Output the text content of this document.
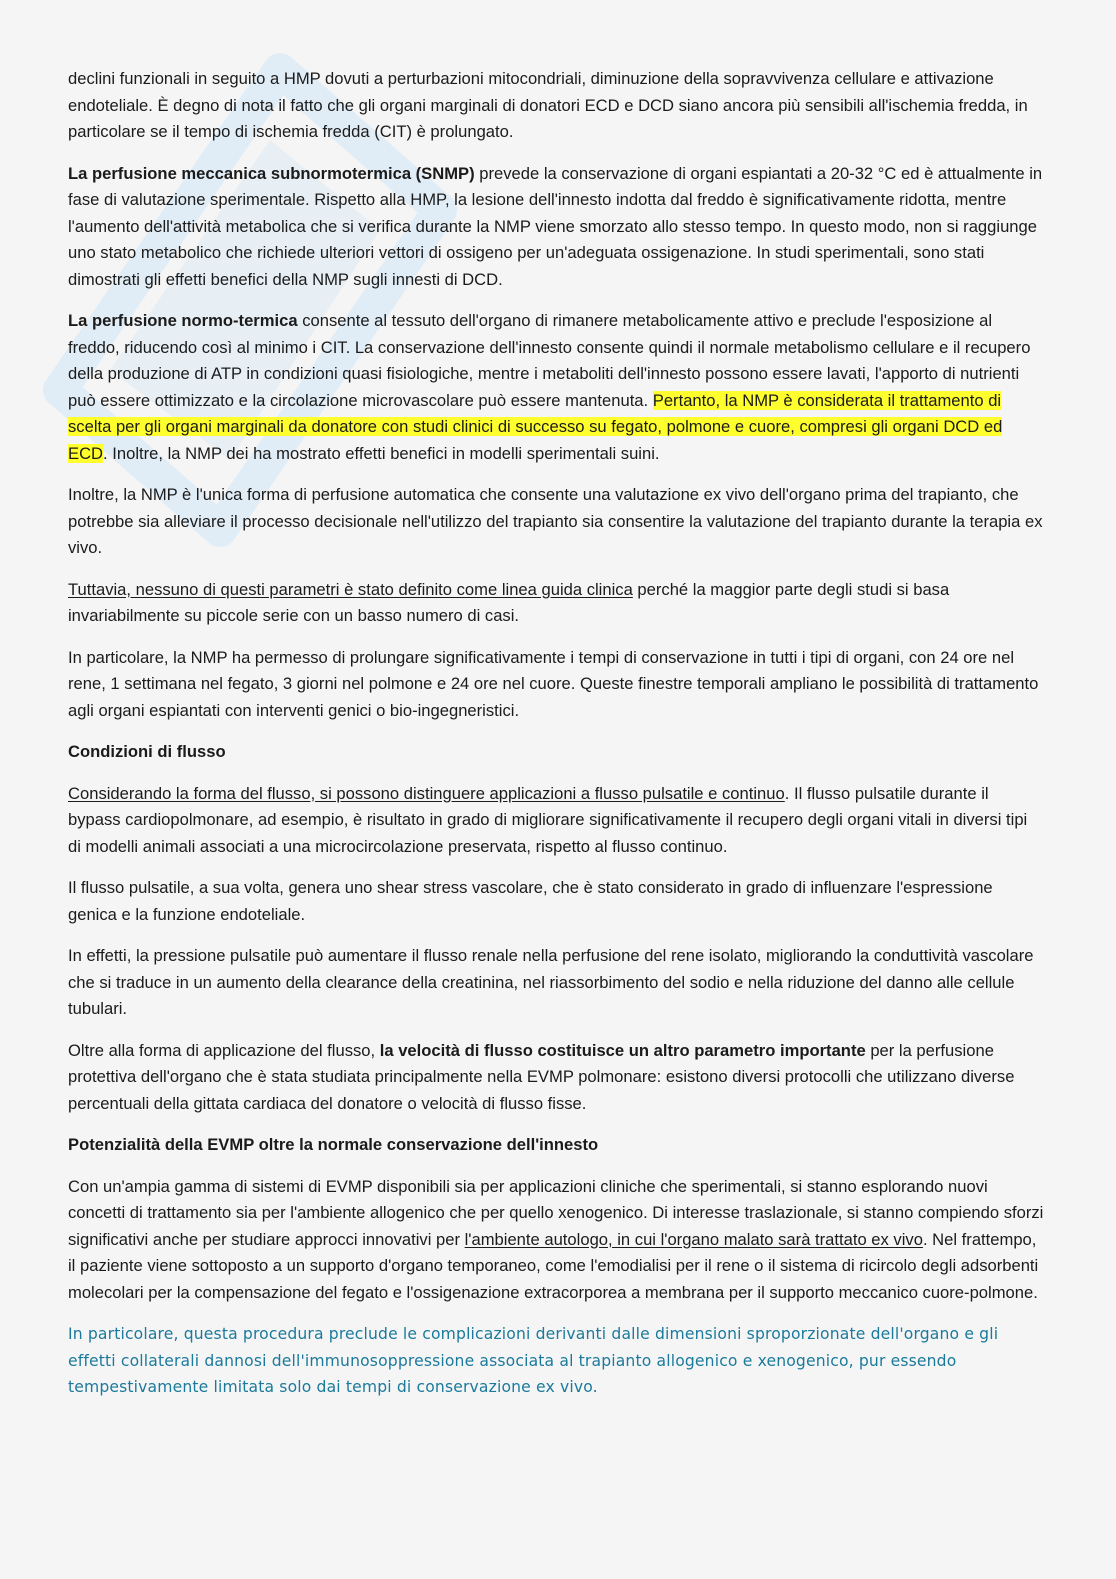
declini funzionali in seguito a HMP dovuti a perturbazioni mitocondriali, diminuzione della sopravvivenza cellulare e attivazione endoteliale. È degno di nota il fatto che gli organi marginali di donatori ECD e DCD siano ancora più sensibili all'ischemia fredda, in particolare se il tempo di ischemia fredda (CIT) è prolungato.

La perfusione meccanica subnormotermica (SNMP) prevede la conservazione di organi espiantati a 20-32 °C ed è attualmente in fase di valutazione sperimentale. Rispetto alla HMP, la lesione dell'innesto indotta dal freddo è significativamente ridotta, mentre l'aumento dell'attività metabolica che si verifica durante la NMP viene smorzato allo stesso tempo. In questo modo, non si raggiunge uno stato metabolico che richiede ulteriori vettori di ossigeno per un'adeguata ossigenazione. In studi sperimentali, sono stati dimostrati gli effetti benefici della NMP sugli innesti di DCD.

La perfusione normo-termica consente al tessuto dell'organo di rimanere metabolicamente attivo e preclude l'esposizione al freddo, riducendo così al minimo i CIT. La conservazione dell'innesto consente quindi il normale metabolismo cellulare e il recupero della produzione di ATP in condizioni quasi fisiologiche, mentre i metaboliti dell'innesto possono essere lavati, l'apporto di nutrienti può essere ottimizzato e la circolazione microvascolare può essere mantenuta. Pertanto, la NMP è considerata il trattamento di scelta per gli organi marginali da donatore con studi clinici di successo su fegato, polmone e cuore, compresi gli organi DCD ed ECD. Inoltre, la NMP dei ha mostrato effetti benefici in modelli sperimentali suini.

Inoltre, la NMP è l'unica forma di perfusione automatica che consente una valutazione ex vivo dell'organo prima del trapianto, che potrebbe sia alleviare il processo decisionale nell'utilizzo del trapianto sia consentire la valutazione del trapianto durante la terapia ex vivo.

Tuttavia, nessuno di questi parametri è stato definito come linea guida clinica perché la maggior parte degli studi si basa invariabilmente su piccole serie con un basso numero di casi.

In particolare, la NMP ha permesso di prolungare significativamente i tempi di conservazione in tutti i tipi di organi, con 24 ore nel rene, 1 settimana nel fegato, 3 giorni nel polmone e 24 ore nel cuore. Queste finestre temporali ampliano le possibilità di trattamento agli organi espiantati con interventi genici o bio-ingegneristici.

Condizioni di flusso

Considerando la forma del flusso, si possono distinguere applicazioni a flusso pulsatile e continuo. Il flusso pulsatile durante il bypass cardiopolmonare, ad esempio, è risultato in grado di migliorare significativamente il recupero degli organi vitali in diversi tipi di modelli animali associati a una microcircolazione preservata, rispetto al flusso continuo.

Il flusso pulsatile, a sua volta, genera uno shear stress vascolare, che è stato considerato in grado di influenzare l'espressione genica e la funzione endoteliale.

In effetti, la pressione pulsatile può aumentare il flusso renale nella perfusione del rene isolato, migliorando la conduttività vascolare che si traduce in un aumento della clearance della creatinina, nel riassorbimento del sodio e nella riduzione del danno alle cellule tubulari.

Oltre alla forma di applicazione del flusso, la velocità di flusso costituisce un altro parametro importante per la perfusione protettiva dell'organo che è stata studiata principalmente nella EVMP polmonare: esistono diversi protocolli che utilizzano diverse percentuali della gittata cardiaca del donatore o velocità di flusso fisse.

Potenzialità della EVMP oltre la normale conservazione dell'innesto

Con un'ampia gamma di sistemi di EVMP disponibili sia per applicazioni cliniche che sperimentali, si stanno esplorando nuovi concetti di trattamento sia per l'ambiente allogenico che per quello xenogenico. Di interesse traslazionale, si stanno compiendo sforzi significativi anche per studiare approcci innovativi per l'ambiente autologo, in cui l'organo malato sarà trattato ex vivo. Nel frattempo, il paziente viene sottoposto a un supporto d'organo temporaneo, come l'emodialisi per il rene o il sistema di ricircolo degli adsorbenti molecolari per la compensazione del fegato e l'ossigenazione extracorporea a membrana per il supporto meccanico cuore-polmone.

In particolare, questa procedura preclude le complicazioni derivanti dalle dimensioni sproporzionate dell'organo e gli effetti collaterali dannosi dell'immunosoppressione associata al trapianto allogenico e xenogenico, pur essendo tempestivamente limitata solo dai tempi di conservazione ex vivo.
